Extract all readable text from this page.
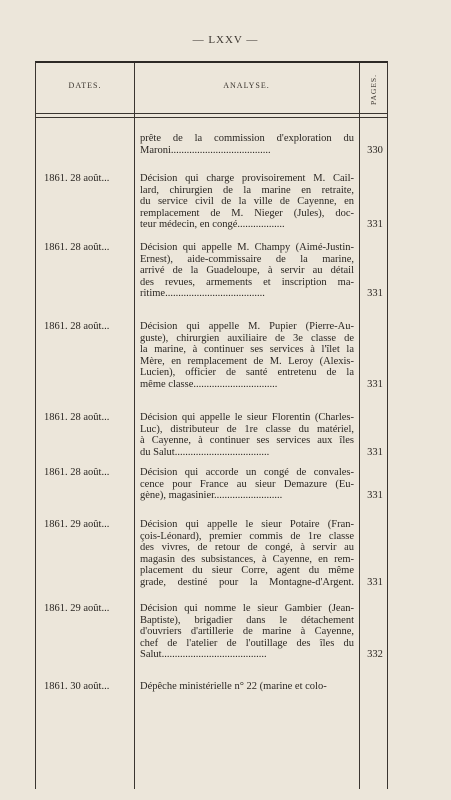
— LXXV —
DATES.	ANALYSE.	PAGES.
prête de la commission d'exploration du
Maroni......................................	330
1861. 28 août...	Décision qui charge provisoirement M. Cail-
lard, chirurgien de la marine en retraite,
du service civil de la ville de Cayenne, en
remplacement de M. Nieger (Jules), doc-
teur médecin, en congé..................	331
1861. 28 août...	Décision qui appelle M. Champy (Aimé-Justin-
Ernest), aide-commissaire de la marine,
arrivé de la Guadeloupe, à servir au détail
des revues, armements et inscription ma-
ritime......................................	331
1861. 28 août...	Décision qui appelle M. Pupier (Pierre-Au-
guste), chirurgien auxiliaire de 3e classe de
la marine, à continuer ses services à l'îlet la
Mère, en remplacement de M. Leroy (Alexis-
Lucien), officier de santé entretenu de la
même classe................................	331
1861. 28 août...	Décision qui appelle le sieur Florentin (Charles-
Luc), distributeur de 1re classe du matériel,
à Cayenne, à continuer ses services aux îles
du Salut....................................	331
1861. 28 août...	Décision qui accorde un congé de convales-
cence pour France au sieur Demazure (Eu-
gène), magasinier..........................	331
1861. 29 août...	Décision qui appelle le sieur Potaire (Fran-
çois-Léonard), premier commis de 1re classe
des vivres, de retour de congé, à servir au
magasin des subsistances, à Cayenne, en rem-
placement du sieur Corre, agent du même
grade, destiné pour la Montagne-d'Argent.	331
1861. 29 août...	Décision qui nomme le sieur Gambier (Jean-
Baptiste), brigadier dans le détachement
d'ouvriers d'artillerie de marine à Cayenne,
chef de l'atelier de l'outillage des îles du
Salut........................................	332
1861. 30 août...	Dépêche ministérielle n° 22 (marine et colo-
